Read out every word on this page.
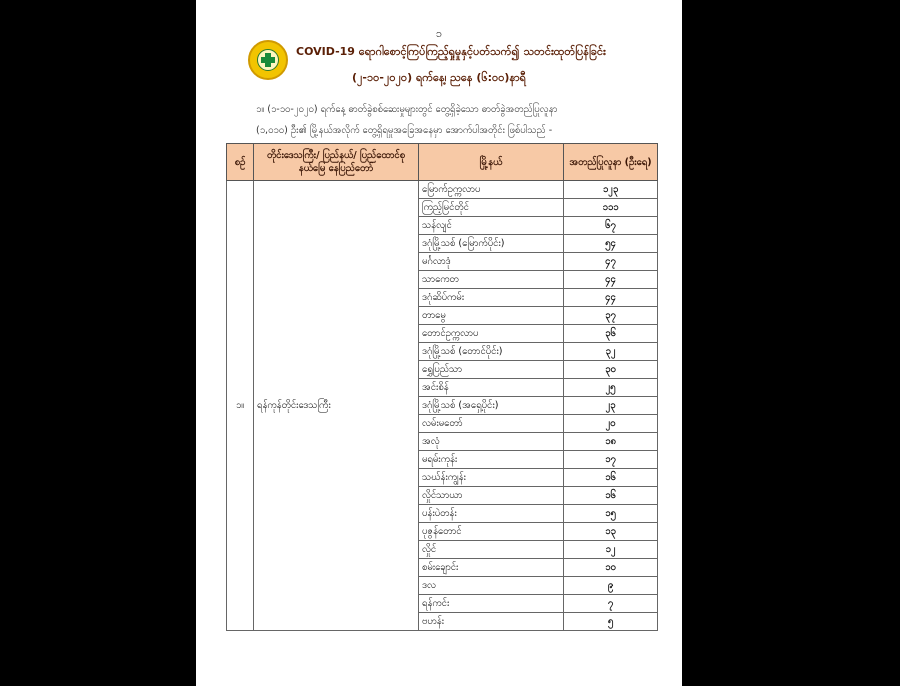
၁
COVID-19 ရောဂါစောင့်ကြပ်ကြည့်ရှုမှုနှင့်ပတ်သက်၍ သတင်းထုတ်ပြန်ခြင်း
(၂-၁၀-၂၀၂၀) ရက်နေ့၊ ညနေ (၆:၀၀)နာရီ
၁။ (၁-၁၀-၂၀၂၀) ရက်နေ့ ဓာတ်ခွဲစစ်ဆေးမှုများတွင် တွေ့ရှိခဲ့သော ဓာတ်ခွဲအတည်ပြုလူနာ
(၁,၀၁၀) ဦး၏ မြို့နယ်အလိုက် တွေ့ရှိရမှုအခြေအနေမှာ အောက်ပါအတိုင်း ဖြစ်ပါသည် -
စဉ်	တိုင်းဒေသကြီး/ ပြည်နယ်/ ပြည်ထောင်စုနယ်မြေ နေပြည်တော်	မြို့နယ်	အတည်ပြုလူနာ (ဦးရေ)
၁။	ရန်ကုန်တိုင်းဒေသကြီး	မြောက်ဥက္ကလာပ	၁၂၃
		ကြည့်မြင်တိုင်	၁၁၁
		သန်လျင်	၆၇
		ဒဂုံမြို့သစ် (မြောက်ပိုင်း)	၅၄
		မင်္ဂလာဒုံ	၄၇
		သာကေတ	၄၄
		ဒဂုံဆိပ်ကမ်း	၄၄
		တာမွေ	၃၇
		တောင်ဥက္ကလာပ	၃၆
		ဒဂုံမြို့သစ် (တောင်ပိုင်း)	၃၂
		ရွှေပြည်သာ	၃၀
		အင်းစိန်	၂၅
		ဒဂုံမြို့သစ် (အရှေ့ပိုင်း)	၂၃
		လမ်းမတော်	၂၀
		အလုံ	၁၈
		မရမ်းကုန်း	၁၇
		သဃ်န်းကျွန်း	၁၆
		လှိုင်သာယာ	၁၆
		ပန်းပဲတန်း	၁၅
		ပုဇွန်တောင်	၁၃
		လှိုင်	၁၂
		စမ်းချောင်း	၁၀
		ဒလ	၉
		ရန်ကင်း	၇
		ဗဟန်း	၅
